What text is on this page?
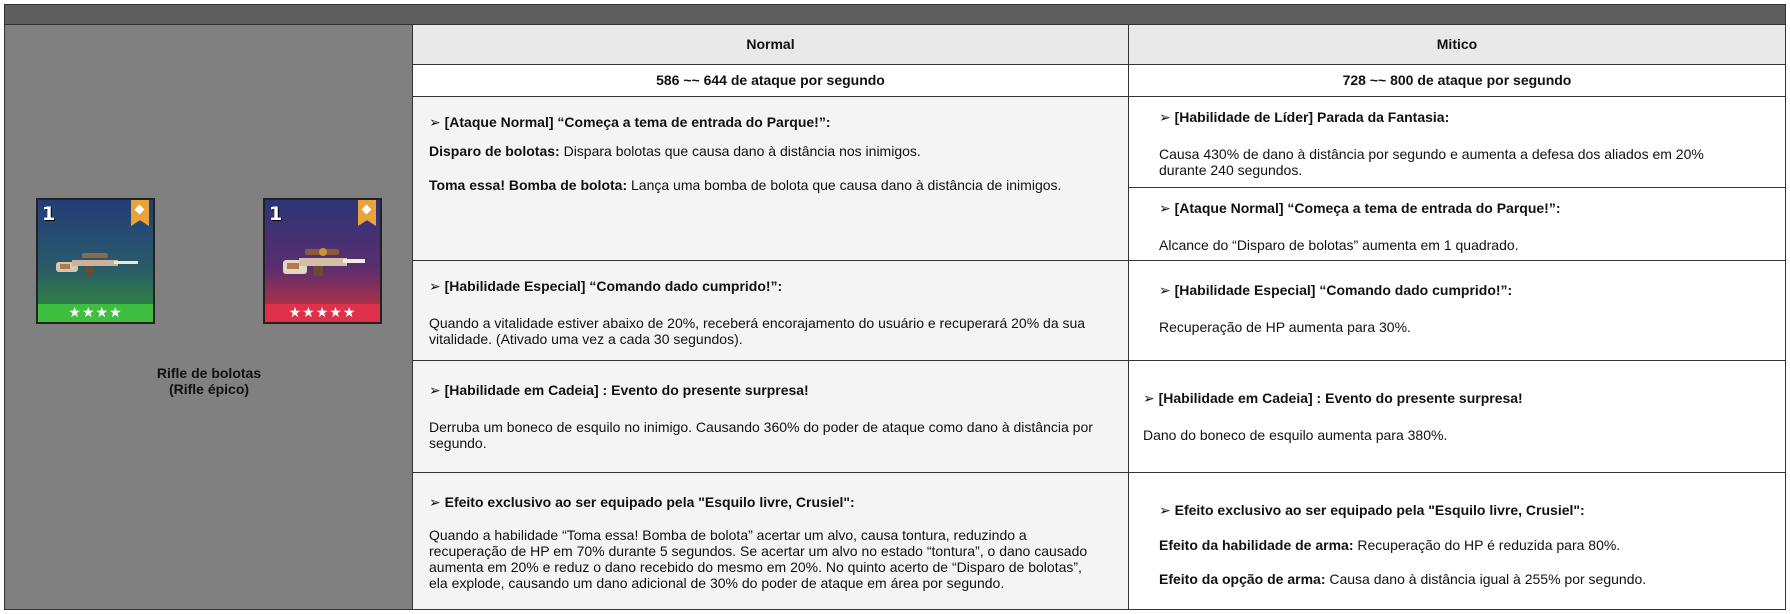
1
★★★★
1
★★★★★
Rifle de bolotas
(Rifle épico)
Normal
586 ~~ 644 de ataque por segundo

➢ [Ataque Normal] “Começa a tema de entrada do Parque!”:

Disparo de bolotas: Dispara bolotas que causa dano à distância nos inimigos.

Toma essa! Bomba de bolota: Lança uma bomba de bolota que causa dano à distância de inimigos.

➢ [Habilidade Especial] “Comando dado cumprido!”:

Quando a vitalidade estiver abaixo de 20%, receberá encorajamento do usuário e recuperará 20% da sua vitalidade. (Ativado uma vez a cada 30 segundos).

➢ [Habilidade em Cadeia] : Evento do presente surpresa!

Derruba um boneco de esquilo no inimigo. Causando 360% do poder de ataque como dano à distância por segundo.

➢ Efeito exclusivo ao ser equipado pela "Esquilo livre, Crusiel":

Quando a habilidade “Toma essa! Bomba de bolota” acertar um alvo, causa tontura, reduzindo a recuperação de HP em 70% durante 5 segundos. Se acertar um alvo no estado “tontura”, o dano causado aumenta em 20% e reduz o dano recebido do mesmo em 20%. No quinto acerto de “Disparo de bolotas”, ela explode, causando um dano adicional de 30% do poder de ataque em área por segundo.

Mitico
728 ~~ 800 de ataque por segundo

➢ [Habilidade de Líder] Parada da Fantasia:

Causa 430% de dano à distância por segundo e aumenta a defesa dos aliados em 20% durante 240 segundos.

➢ [Ataque Normal] “Começa a tema de entrada do Parque!”:

Alcance do “Disparo de bolotas” aumenta em 1 quadrado.

➢ [Habilidade Especial] “Comando dado cumprido!”:

Recuperação de HP aumenta para 30%.

➢ [Habilidade em Cadeia] : Evento do presente surpresa!

Dano do boneco de esquilo aumenta para 380%.

➢ Efeito exclusivo ao ser equipado pela "Esquilo livre, Crusiel":

Efeito da habilidade de arma: Recuperação do HP é reduzida para 80%.

Efeito da opção de arma: Causa dano à distância igual à 255% por segundo.
